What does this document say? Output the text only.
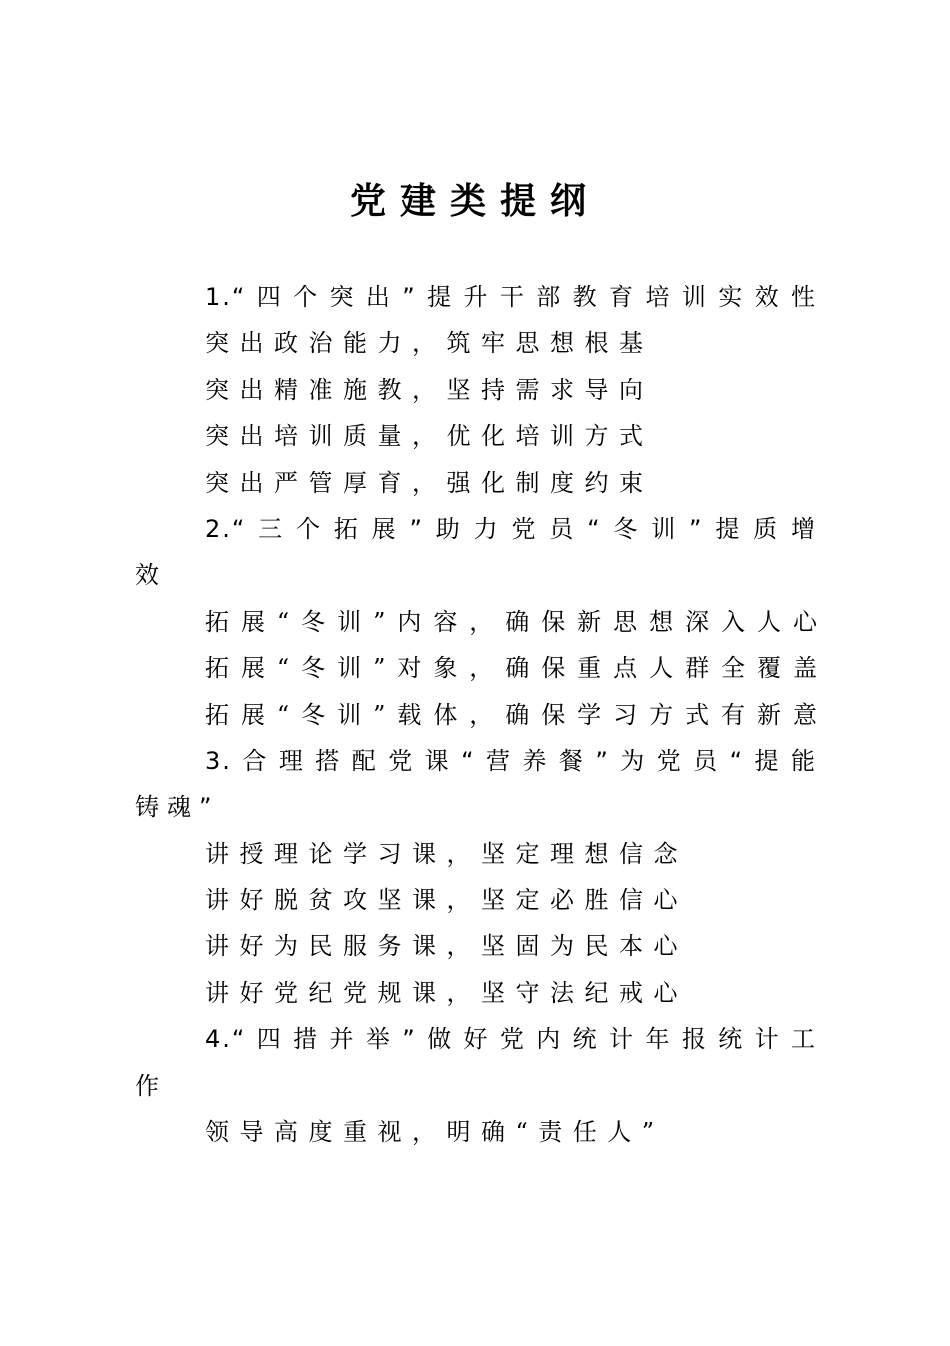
党建类提纲
1.“四个突出”提升干部教育培训实效性
突出政治能力，筑牢思想根基
突出精准施教，坚持需求导向
突出培训质量，优化培训方式
突出严管厚育，强化制度约束
2.“三个拓展”助力党员“冬训”提质增
效
拓展“冬训”内容，确保新思想深入人心
拓展“冬训”对象，确保重点人群全覆盖
拓展“冬训”载体，确保学习方式有新意
3.合理搭配党课“营养餐”为党员“提能
铸魂”
讲授理论学习课，坚定理想信念
讲好脱贫攻坚课，坚定必胜信心
讲好为民服务课，坚固为民本心
讲好党纪党规课，坚守法纪戒心
4.“四措并举”做好党内统计年报统计工
作
领导高度重视，明确“责任人”
